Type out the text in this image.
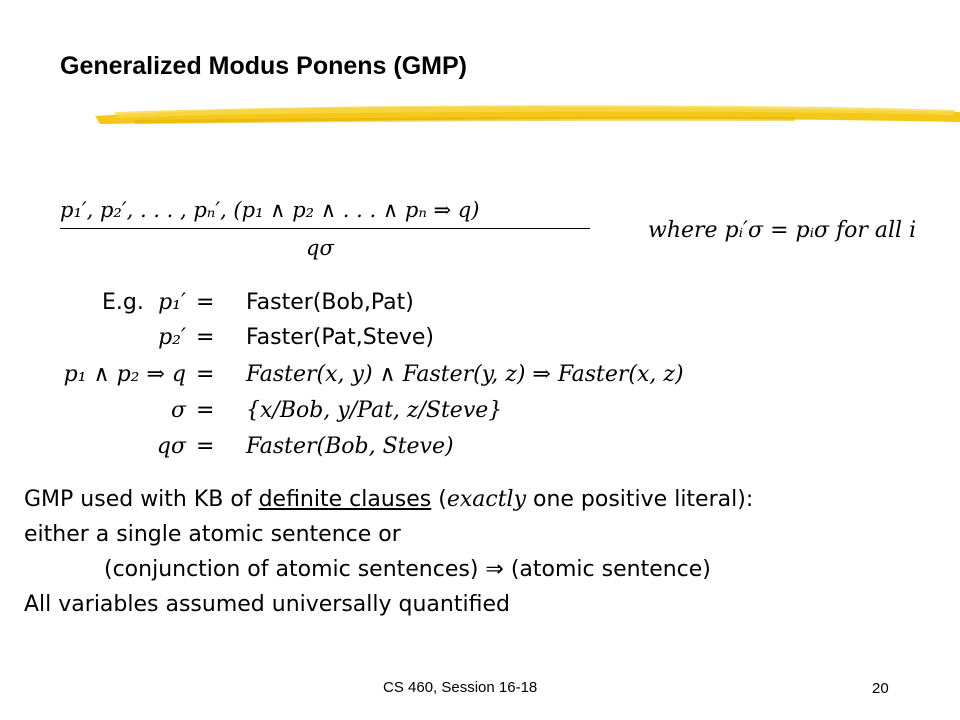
Generalized Modus Ponens (GMP)
p₁′, p₂′, . . . , pₙ′, (p₁ ∧ p₂ ∧ . . . ∧ pₙ ⇒ q)
qσ
where pᵢ′σ = pᵢσ for all i
E.g. p₁′ = Faster(Bob,Pat)
p₂′ = Faster(Pat,Steve)
p₁ ∧ p₂ ⇒ q = Faster(x, y) ∧ Faster(y, z) ⇒ Faster(x, z)
σ = {x/Bob, y/Pat, z/Steve}
qσ = Faster(Bob, Steve)
GMP used with KB of definite clauses (exactly one positive literal):
either a single atomic sentence or
(conjunction of atomic sentences) ⇒ (atomic sentence)
All variables assumed universally quantified
CS 460, Session 16-18	20
